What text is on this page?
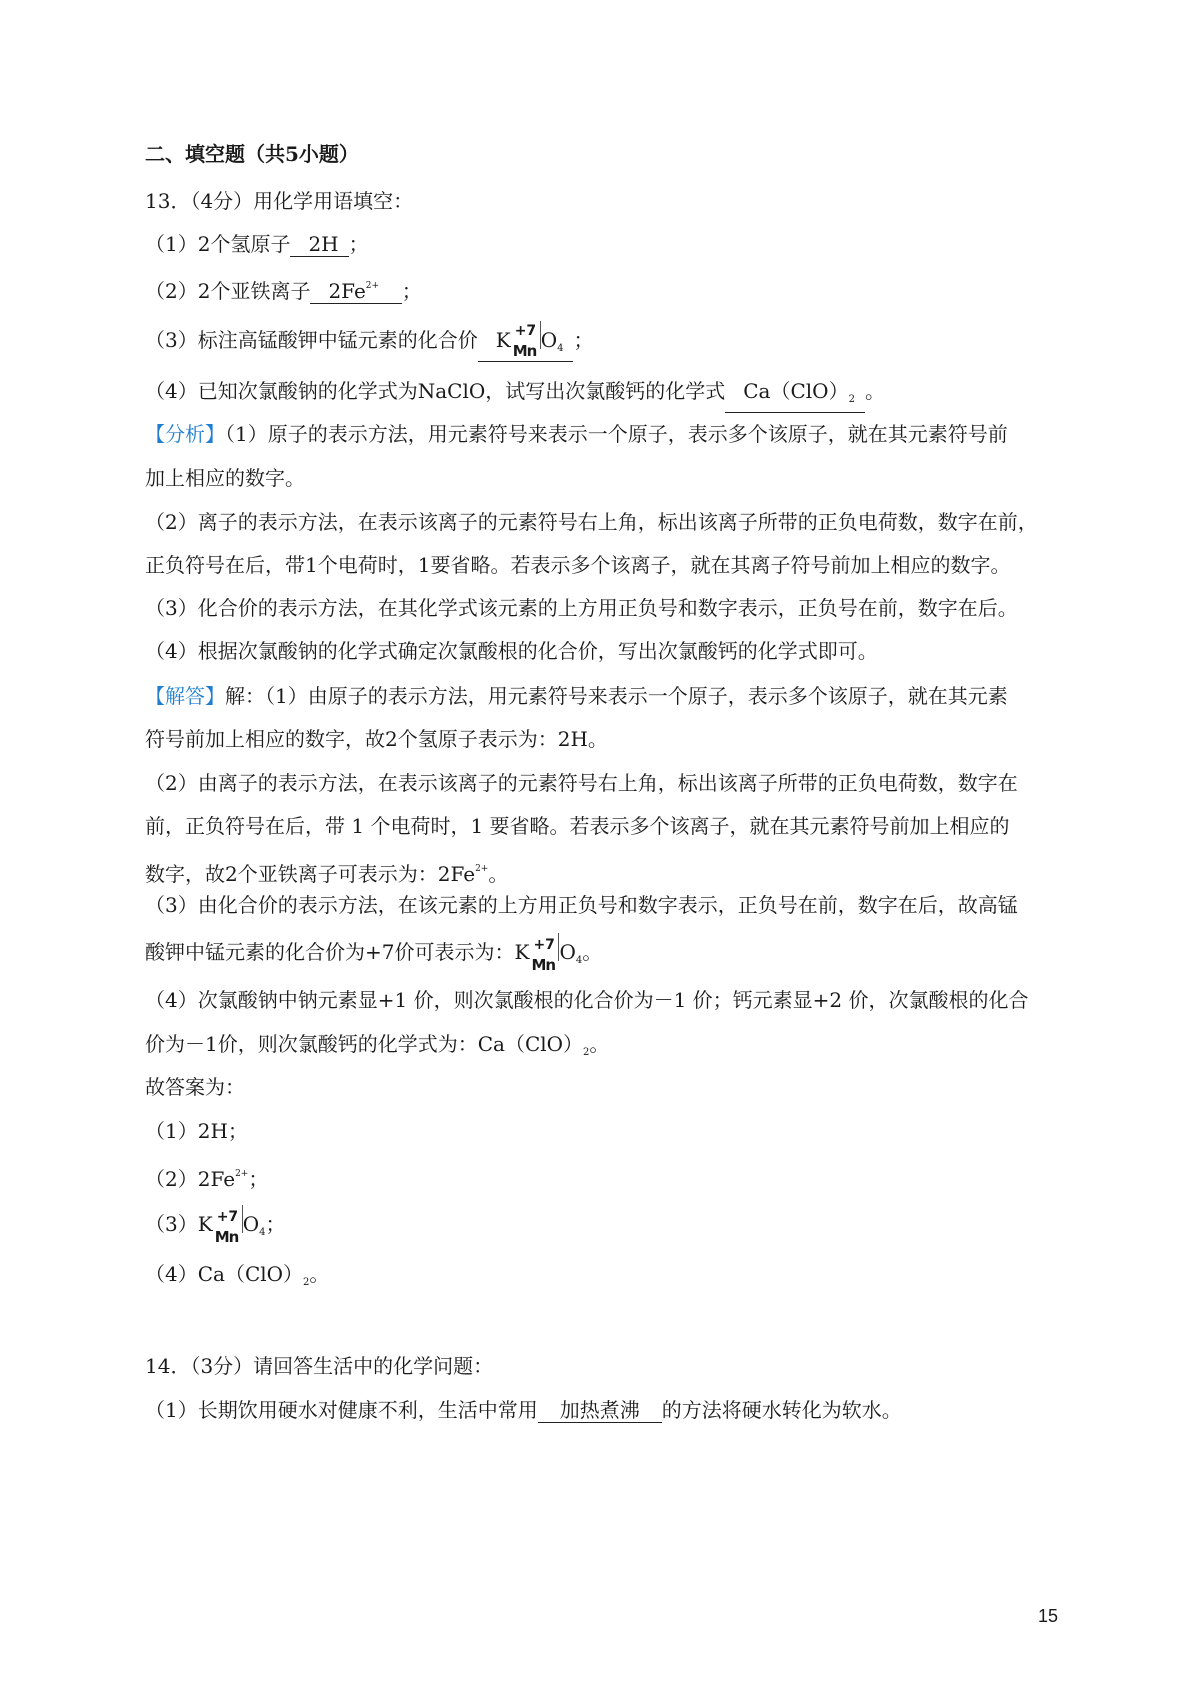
二、填空题（共5小题）
13．（4分）用化学用语填空：
（1）2个氢原子 2H ；
（2）2个亚铁离子 $2Fe^{2+}$ ；
（3）标注高锰酸钾中锰元素的化合价 K +7
Mn $O_4$ ；
（4）已知次氯酸钠的化学式为NaClO，试写出次氯酸钙的化学式 $Ca(ClO)_2$ 。
【分析】（1）原子的表示方法，用元素符号来表示一个原子，表示多个该原子，就在其元素符号前
加上相应的数字。
（2）离子的表示方法，在表示该离子的元素符号右上角，标出该离子所带的正负电荷数，数字在前，
正负符号在后，带1个电荷时，1要省略。若表示多个该离子，就在其离子符号前加上相应的数字。
（3）化合价的表示方法，在其化学式该元素的上方用正负号和数字表示，正负号在前，数字在后。
（4）根据次氯酸钠的化学式确定次氯酸根的化合价，写出次氯酸钙的化学式即可。
【解答】解：（1）由原子的表示方法，用元素符号来表示一个原子，表示多个该原子，就在其元素
符号前加上相应的数字，故2个氢原子表示为：2H。
（2）由离子的表示方法，在表示该离子的元素符号右上角，标出该离子所带的正负电荷数，数字在
前，正负符号在后，带 1 个电荷时，1 要省略。若表示多个该离子，就在其元素符号前加上相应的
数字，故2个亚铁离子可表示为：$2Fe^{2+}$。
（3）由化合价的表示方法，在该元素的上方用正负号和数字表示，正负号在前，数字在后，故高锰
酸钾中锰元素的化合价为+7价可表示为：K +7
Mn
$O_4$。
（4）次氯酸钠中钠元素显+1 价，则次氯酸根的化合价为－1 价；钙元素显+2 价，次氯酸根的化合
价为－1价，则次氯酸钙的化学式为：$Ca(ClO)_2$。
故答案为：
（1）2H；
$(2)2Fe^{2+}$；
（3）K +7
Mn
$O_4$；
$(4)Ca(ClO)_2$。
14．（3分）请回答生活中的化学问题：
（1）长期饮用硬水对健康不利，生活中常用 加热煮沸 的方法将硬水转化为软水。
15
